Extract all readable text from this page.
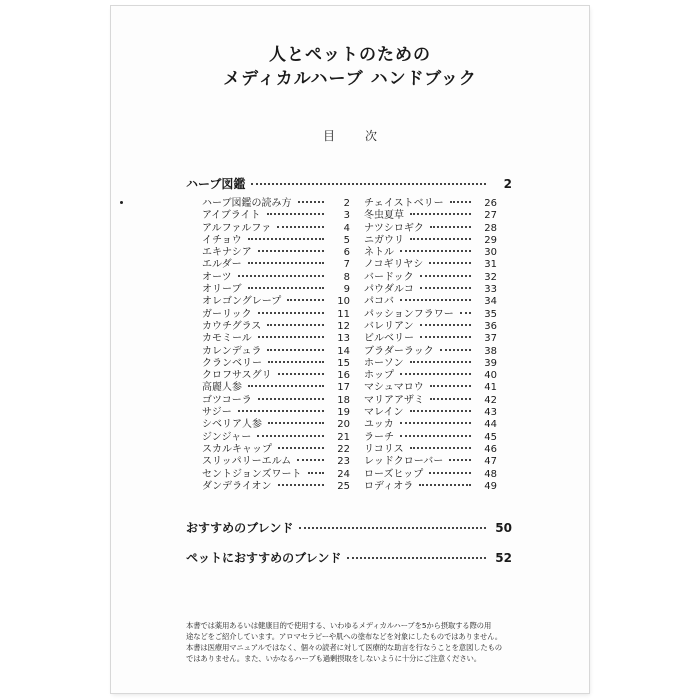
人とペットのための
メディカルハーブ ハンドブック
目次
ハーブ図鑑	2
ハーブ図鑑の読み方	2
アイブライト	3
アルファルファ	4
イチョウ	5
エキナシア	6
エルダー	7
オーツ	8
オリーブ	9
オレゴングレープ	10
ガーリック	11
カウチグラス	12
カモミール	13
カレンデュラ	14
クランベリー	15
クロフサスグリ	16
高麗人参	17
ゴツコーラ	18
サジー	19
シベリア人参	20
ジンジャー	21
スカルキャップ	22
スリッパリーエルム	23
セントジョンズワート	24
ダンデライオン	25
チェイストベリー	26
冬虫夏草	27
ナツシロギク	28
ニガウリ	29
ネトル	30
ノコギリヤシ	31
バードック	32
パウダルコ	33
パコバ	34
パッションフラワー	35
バレリアン	36
ビルベリー	37
ブラダーラック	38
ホーソン	39
ホップ	40
マシュマロウ	41
マリアアザミ	42
マレイン	43
ユッカ	44
ラーチ	45
リコリス	46
レッドクローバー	47
ローズヒップ	48
ロディオラ	49
おすすめのブレンド	50
ペットにおすすめのブレンド	52
本書では薬用あるいは健康目的で使用する、いわゆるメディカルハーブを5から摂取する際の用
途などをご紹介しています。アロマセラピーや肌への塗布などを対象にしたものではありません。
本書は医療用マニュアルではなく、個々の読者に対して医療的な助言を行なうことを意図したもの
ではありません。また、いかなるハーブも過剰摂取をしないように十分にご注意ください。
